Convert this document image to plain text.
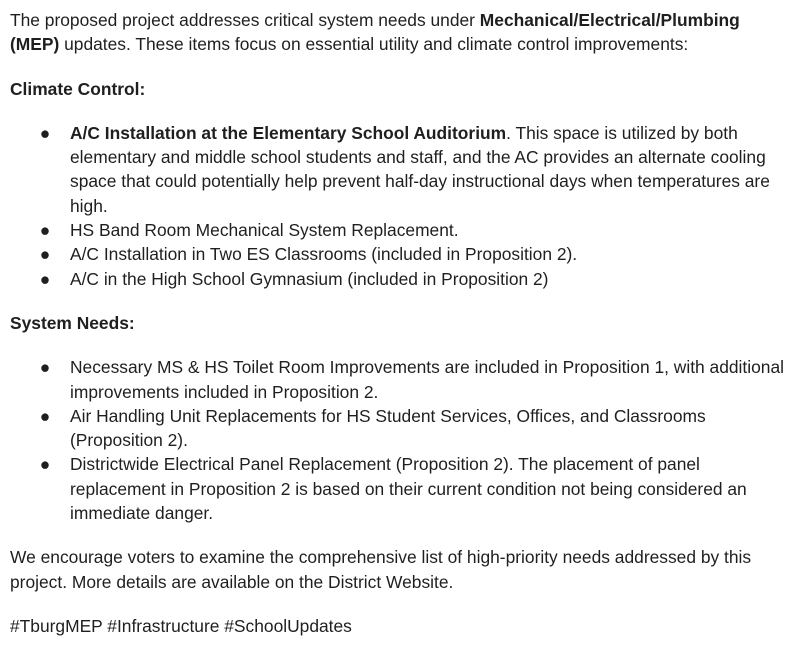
The proposed project addresses critical system needs under Mechanical/Electrical/Plumbing (MEP) updates. These items focus on essential utility and climate control improvements:

Climate Control:

● A/C Installation at the Elementary School Auditorium. This space is utilized by both elementary and middle school students and staff, and the AC provides an alternate cooling space that could potentially help prevent half-day instructional days when temperatures are high.
● HS Band Room Mechanical System Replacement.
● A/C Installation in Two ES Classrooms (included in Proposition 2).
● A/C in the High School Gymnasium (included in Proposition 2)

System Needs:

● Necessary MS & HS Toilet Room Improvements are included in Proposition 1, with additional improvements included in Proposition 2.
● Air Handling Unit Replacements for HS Student Services, Offices, and Classrooms (Proposition 2).
● Districtwide Electrical Panel Replacement (Proposition 2). The placement of panel replacement in Proposition 2 is based on their current condition not being considered an immediate danger.

We encourage voters to examine the comprehensive list of high-priority needs addressed by this project. More details are available on the District Website.

#TburgMEP #Infrastructure #SchoolUpdates
